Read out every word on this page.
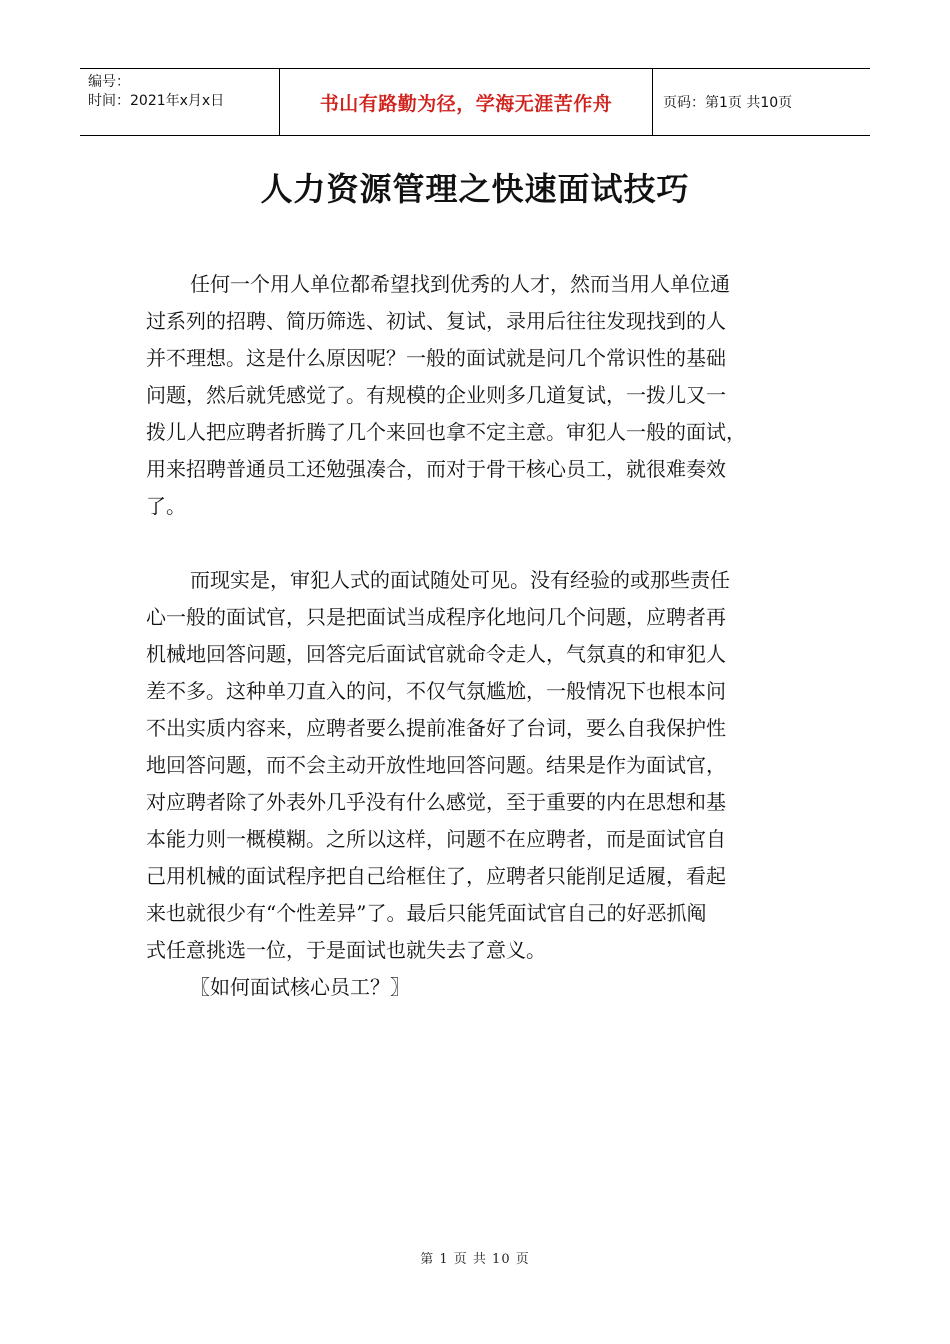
编号：
时间：2021年x月x日	书山有路勤为径，学海无涯苦作舟	页码：第1页 共10页
人力资源管理之快速面试技巧

任何一个用人单位都希望找到优秀的人才，然而当用人单位通
过系列的招聘、简历筛选、初试、复试，录用后往往发现找到的人
并不理想。这是什么原因呢？一般的面试就是问几个常识性的基础
问题，然后就凭感觉了。有规模的企业则多几道复试，一拨儿又一
拨儿人把应聘者折腾了几个来回也拿不定主意。审犯人一般的面试，
用来招聘普通员工还勉强凑合，而对于骨干核心员工，就很难奏效
了。

而现实是，审犯人式的面试随处可见。没有经验的或那些责任
心一般的面试官，只是把面试当成程序化地问几个问题，应聘者再
机械地回答问题，回答完后面试官就命令走人，气氛真的和审犯人
差不多。这种单刀直入的问，不仅气氛尴尬，一般情况下也根本问
不出实质内容来，应聘者要么提前准备好了台词，要么自我保护性
地回答问题，而不会主动开放性地回答问题。结果是作为面试官，
对应聘者除了外表外几乎没有什么感觉，至于重要的内在思想和基
本能力则一概模糊。之所以这样，问题不在应聘者，而是面试官自
己用机械的面试程序把自己给框住了，应聘者只能削足适履，看起
来也就很少有“个性差异”了。最后只能凭面试官自己的好恶抓阄
式任意挑选一位，于是面试也就失去了意义。

〖如何面试核心员工？〗

第 1 页 共 10 页
